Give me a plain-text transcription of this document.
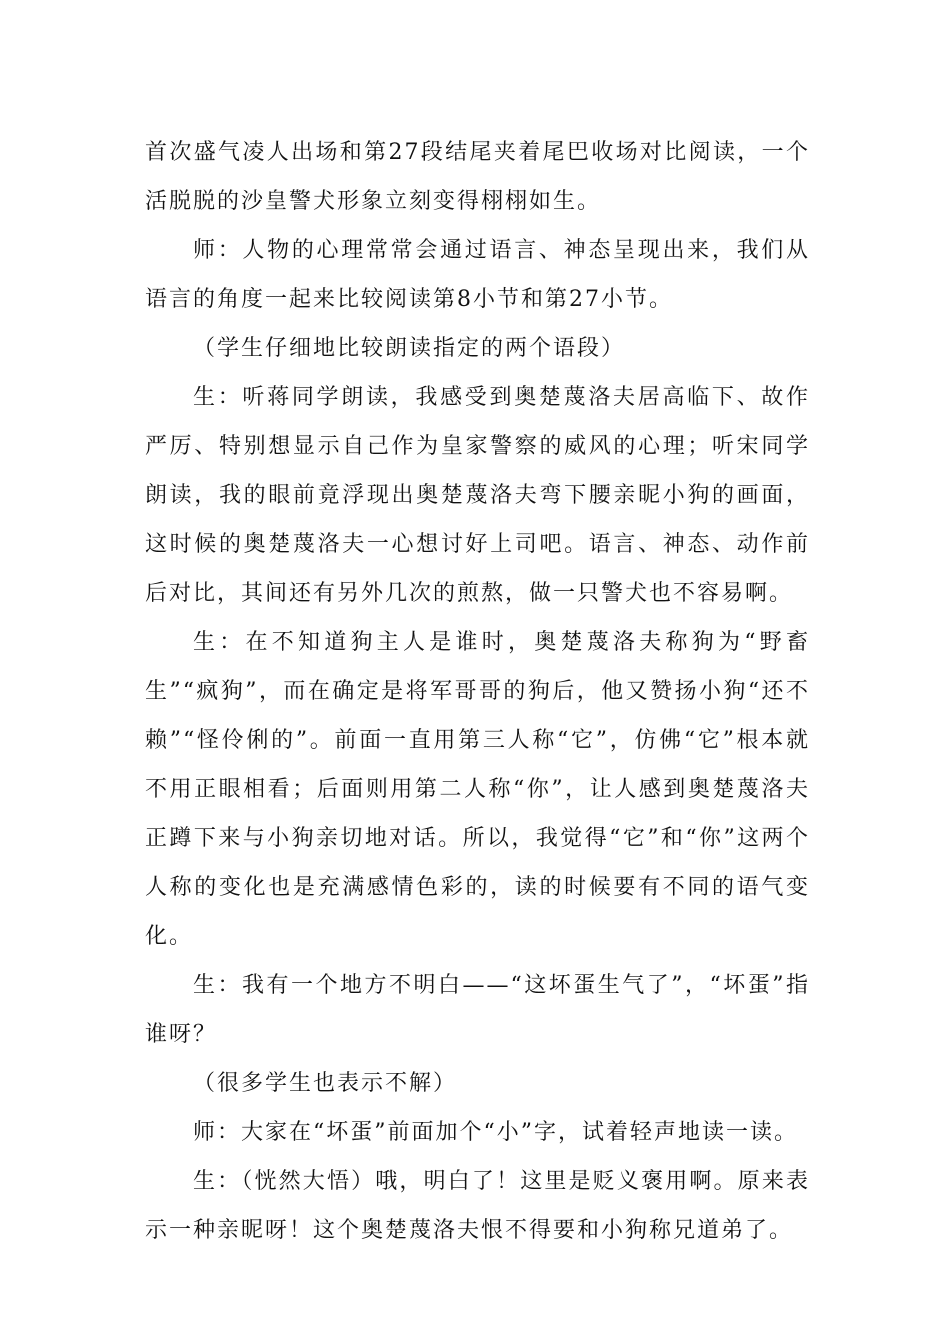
首次盛气凌人出场和第27段结尾夹着尾巴收场对比阅读，一个活脱脱的沙皇警犬形象立刻变得栩栩如生。

师：人物的心理常常会通过语言、神态呈现出来，我们从语言的角度一起来比较阅读第8小节和第27小节。

（学生仔细地比较朗读指定的两个语段）

生：听蒋同学朗读，我感受到奥楚蔑洛夫居高临下、故作严厉、特别想显示自己作为皇家警察的威风的心理；听宋同学朗读，我的眼前竟浮现出奥楚蔑洛夫弯下腰亲昵小狗的画面，这时候的奥楚蔑洛夫一心想讨好上司吧。语言、神态、动作前后对比，其间还有另外几次的煎熬，做一只警犬也不容易啊。

生：在不知道狗主人是谁时，奥楚蔑洛夫称狗为“野畜生”“疯狗”，而在确定是将军哥哥的狗后，他又赞扬小狗“还不赖”“怪伶俐的”。前面一直用第三人称“它”，仿佛“它”根本就不用正眼相看；后面则用第二人称“你”，让人感到奥楚蔑洛夫正蹲下来与小狗亲切地对话。所以，我觉得“它”和“你”这两个人称的变化也是充满感情色彩的，读的时候要有不同的语气变化。

生：我有一个地方不明白——“这坏蛋生气了”，“坏蛋”指谁呀？

（很多学生也表示不解）

师：大家在“坏蛋”前面加个“小”字，试着轻声地读一读。

生：（恍然大悟）哦，明白了！这里是贬义褒用啊。原来表示一种亲昵呀！这个奥楚蔑洛夫恨不得要和小狗称兄道弟了。
